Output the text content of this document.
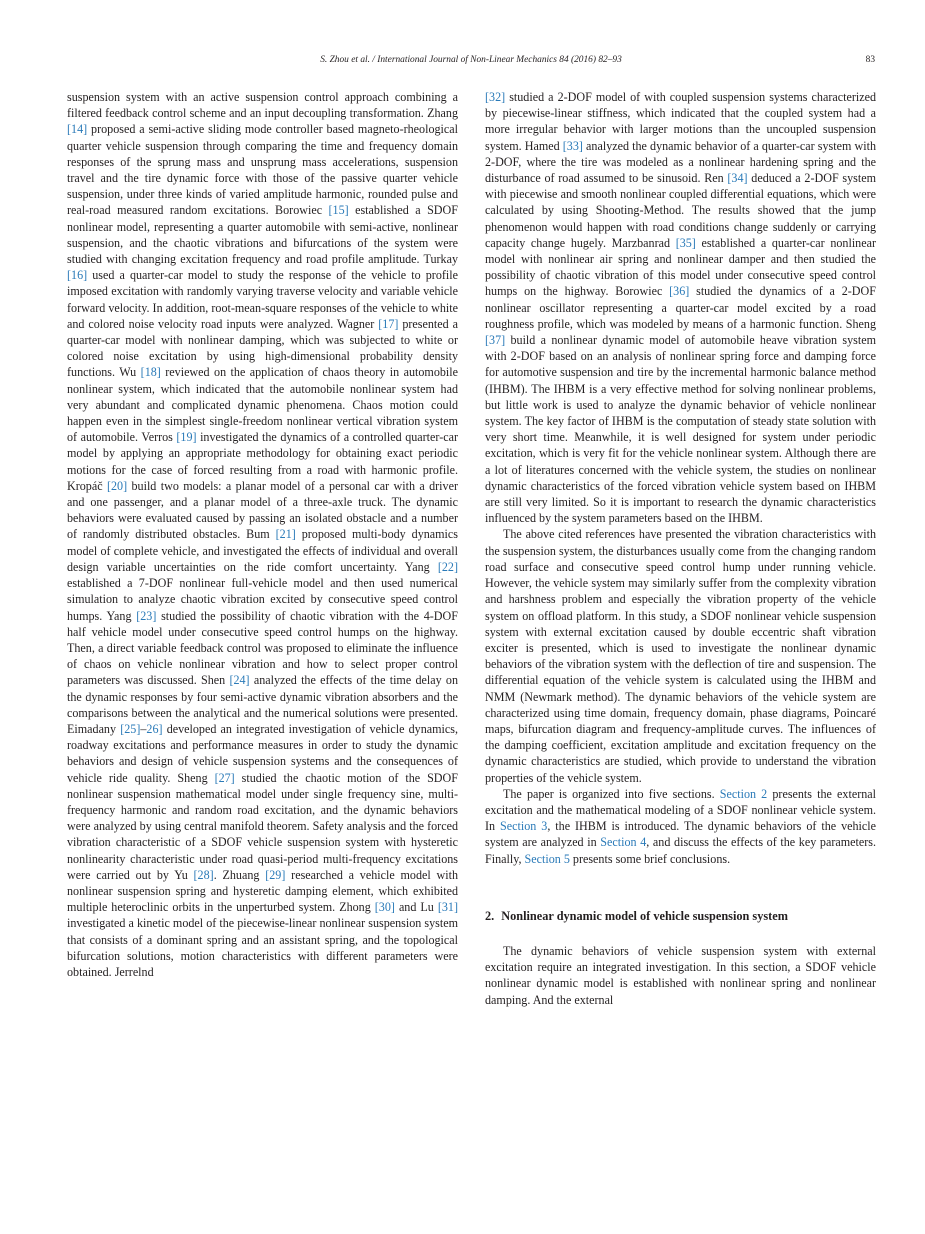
S. Zhou et al. / International Journal of Non-Linear Mechanics 84 (2016) 82–93	83

suspension system with an active suspension control approach combining a filtered feedback control scheme and an input decoupling transformation. Zhang [14] proposed a semi-active sliding mode controller based magneto-rheological quarter vehicle suspension through comparing the time and frequency domain responses of the sprung mass and unsprung mass accelerations, suspension travel and the tire dynamic force with those of the passive quarter vehicle suspension, under three kinds of varied amplitude harmonic, rounded pulse and real-road measured random excitations. Borowiec [15] established a SDOF nonlinear model, representing a quarter automobile with semi-active, nonlinear suspension, and the chaotic vibrations and bifurcations of the system were studied with changing excitation frequency and road profile amplitude. Turkay [16] used a quarter-car model to study the response of the vehicle to profile imposed excitation with randomly varying traverse velocity and variable vehicle forward velocity. In addition, root-mean-square responses of the vehicle to white and colored noise velocity road inputs were analyzed. Wagner [17] presented a quarter-car model with nonlinear damping, which was subjected to white or colored noise excitation by using high-dimensional probability density functions. Wu [18] reviewed on the application of chaos theory in automobile nonlinear system, which indicated that the automobile nonlinear system had very abundant and complicated dynamic phenomena. Chaos motion could happen even in the simplest single-freedom nonlinear vertical vibration system of automobile. Verros [19] investigated the dynamics of a controlled quarter-car model by applying an appropriate methodology for obtaining exact periodic motions for the case of forced resulting from a road with harmonic profile. Kropáč [20] build two models: a planar model of a personal car with a driver and one passenger, and a planar model of a three-axle truck. The dynamic behaviors were evaluated caused by passing an isolated obstacle and a number of randomly distributed obstacles. Bum [21] proposed multi-body dynamics model of complete vehicle, and investigated the effects of individual and overall design variable uncertainties on the ride comfort uncertainty. Yang [22] established a 7-DOF nonlinear full-vehicle model and then used numerical simulation to analyze chaotic vibration excited by consecutive speed control humps. Yang [23] studied the possibility of chaotic vibration with the 4-DOF half vehicle model under consecutive speed control humps on the highway. Then, a direct variable feedback control was proposed to eliminate the influence of chaos on vehicle nonlinear vibration and how to select proper control parameters was discussed. Shen [24] analyzed the effects of the time delay on the dynamic responses by four semi-active dynamic vibration absorbers and the comparisons between the analytical and the numerical solutions were presented. Eimadany [25]–26] developed an integrated investigation of vehicle dynamics, roadway excitations and performance measures in order to study the dynamic behaviors and design of vehicle suspension systems and the consequences of vehicle ride quality. Sheng [27] studied the chaotic motion of the SDOF nonlinear suspension mathematical model under single frequency sine, multi-frequency harmonic and random road excitation, and the dynamic behaviors were analyzed by using central manifold theorem. Safety analysis and the forced vibration characteristic of a SDOF vehicle suspension system with hysteretic nonlinearity characteristic under road quasi-period multi-frequency excitations were carried out by Yu [28]. Zhuang [29] researched a vehicle model with nonlinear suspension spring and hysteretic damping element, which exhibited multiple heteroclinic orbits in the unperturbed system. Zhong [30] and Lu [31] investigated a kinetic model of the piecewise-linear nonlinear suspension system that consists of a dominant spring and an assistant spring, and the topological bifurcation solutions, motion characteristics with different parameters were obtained. Jerrelnd

[32] studied a 2-DOF model of with coupled suspension systems characterized by piecewise-linear stiffness, which indicated that the coupled system had a more irregular behavior with larger motions than the uncoupled suspension system. Hamed [33] analyzed the dynamic behavior of a quarter-car system with 2-DOF, where the tire was modeled as a nonlinear hardening spring and the disturbance of road assumed to be sinusoid. Ren [34] deduced a 2-DOF system with piecewise and smooth nonlinear coupled differential equations, which were calculated by using Shooting-Method. The results showed that the jump phenomenon would happen with road conditions change suddenly or carrying capacity change hugely. Marzbanrad [35] established a quarter-car nonlinear model with nonlinear air spring and nonlinear damper and then studied the possibility of chaotic vibration of this model under consecutive speed control humps on the highway. Borowiec [36] studied the dynamics of a 2-DOF nonlinear oscillator representing a quarter-car model excited by a road roughness profile, which was modeled by means of a harmonic function. Sheng [37] build a nonlinear dynamic model of automobile heave vibration system with 2-DOF based on an analysis of nonlinear spring force and damping force for automotive suspension and tire by the incremental harmonic balance method (IHBM). The IHBM is a very effective method for solving nonlinear problems, but little work is used to analyze the dynamic behavior of vehicle nonlinear system. The key factor of IHBM is the computation of steady state solution with very short time. Meanwhile, it is well designed for system under periodic excitation, which is very fit for the vehicle nonlinear system. Although there are a lot of literatures concerned with the vehicle system, the studies on nonlinear dynamic characteristics of the forced vibration vehicle system based on IHBM are still very limited. So it is important to research the dynamic characteristics influenced by the system parameters based on the IHBM.

The above cited references have presented the vibration characteristics with the suspension system, the disturbances usually come from the changing random road surface and consecutive speed control hump under running vehicle. However, the vehicle system may similarly suffer from the complexity vibration and harshness problem and especially the vibration property of the vehicle system on offload platform. In this study, a SDOF nonlinear vehicle suspension system with external excitation caused by double eccentric shaft vibration exciter is presented, which is used to investigate the nonlinear dynamic behaviors of the vibration system with the deflection of tire and suspension. The differential equation of the vehicle system is calculated using the IHBM and NMM (Newmark method). The dynamic behaviors of the vehicle system are characterized using time domain, frequency domain, phase diagrams, Poincaré maps, bifurcation diagram and frequency-amplitude curves. The influences of the damping coefficient, excitation amplitude and excitation frequency on the dynamic characteristics are studied, which provide to understand the vibration properties of the vehicle system.

The paper is organized into five sections. Section 2 presents the external excitation and the mathematical modeling of a SDOF nonlinear vehicle system. In Section 3, the IHBM is introduced. The dynamic behaviors of the vehicle system are analyzed in Section 4, and discuss the effects of the key parameters. Finally, Section 5 presents some brief conclusions.

2. Nonlinear dynamic model of vehicle suspension system

The dynamic behaviors of vehicle suspension system with external excitation require an integrated investigation. In this section, a SDOF vehicle nonlinear dynamic model is established with nonlinear spring and nonlinear damping. And the external
